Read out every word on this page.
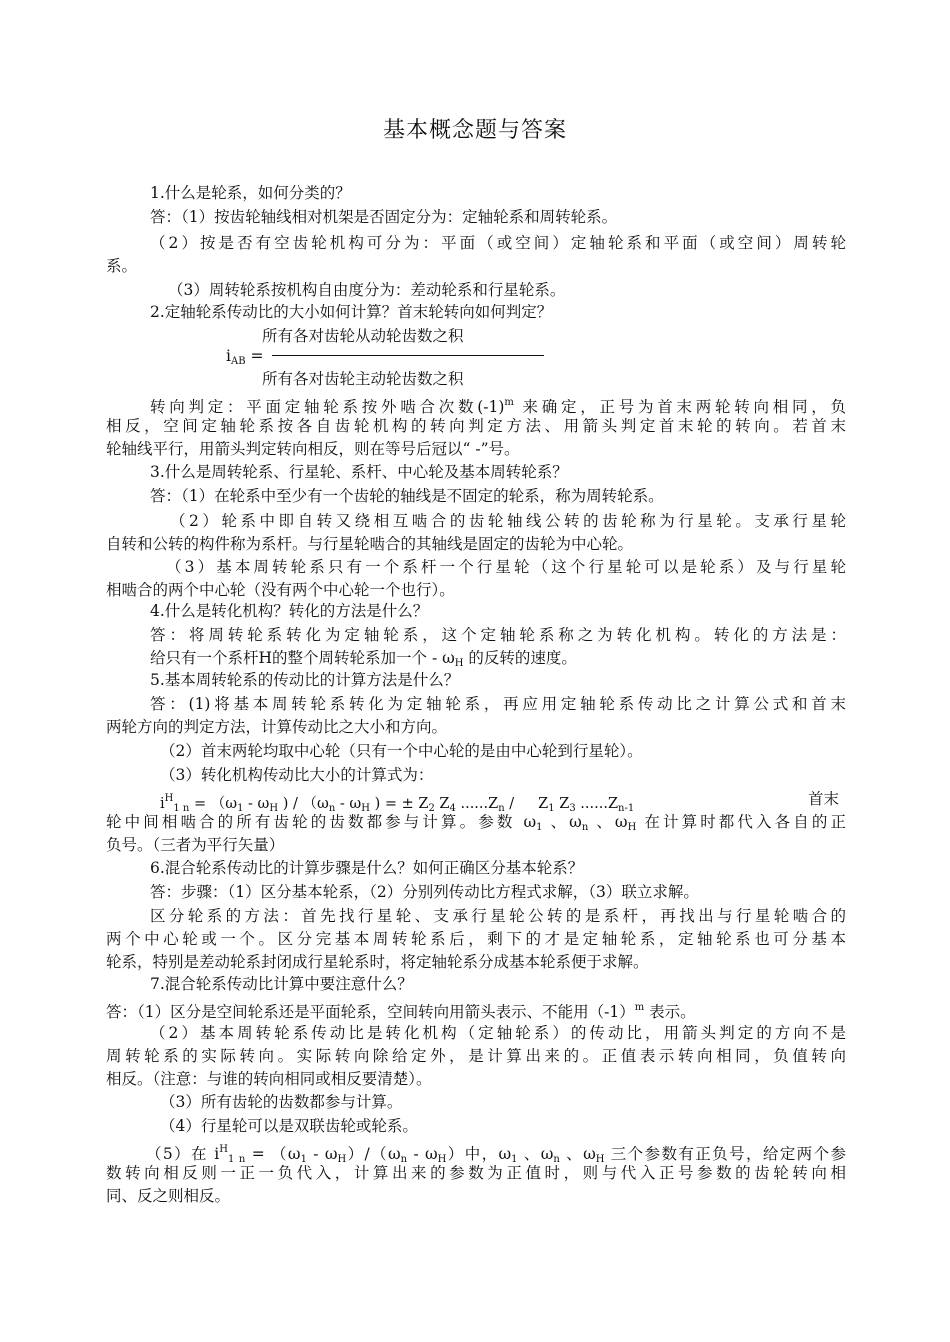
基本概念题与答案
1.什么是轮系，如何分类的？
答：（1）按齿轮轴线相对机架是否固定分为：定轴轮系和周转轮系。
（2）按是否有空齿轮机构可分为：平面（或空间）定轴轮系和平面（或空间）周转轮
系。
（3）周转轮系按机构自由度分为：差动轮系和行星轮系。
2.定轴轮系传动比的大小如何计算？首末轮转向如何判定？
所有各对齿轮从动轮齿数之积
$i_{AB}$ =
所有各对齿轮主动轮齿数之积
转向判定：平面定轴轮系按外啮合次数$(-1)^m$ 来确定，正号为首末两轮转向相同，负
相反，空间定轴轮系按各自齿轮机构的转向判定方法、用箭头判定首末轮的转向。若首末
轮轴线平行，用箭头判定转向相反，则在等号后冠以“ -”号。
3.什么是周转轮系、行星轮、系杆、中心轮及基本周转轮系？
答：（1）在轮系中至少有一个齿轮的轴线是不固定的轮系，称为周转轮系。
（2）轮系中即自转又绕相互啮合的齿轮轴线公转的齿轮称为行星轮。支承行星轮
自转和公转的构件称为系杆。与行星轮啮合的其轴线是固定的齿轮为中心轮。
（3）基本周转轮系只有一个系杆一个行星轮（这个行星轮可以是轮系）及与行星轮
相啮合的两个中心轮（没有两个中心轮一个也行）。
4.什么是转化机构？转化的方法是什么？
答：将周转轮系转化为定轴轮系，这个定轴轮系称之为转化机构。转化的方法是：
给只有一个系杆H的整个周转轮系加一个 - $\omega_H$ 的反转的速度。
5.基本周转轮系的传动比的计算方法是什么？
答：(1)将基本周转轮系转化为定轴轮系，再应用定轴轮系传动比之计算公式和首末
两轮方向的判定方法，计算传动比之大小和方向。
（2）首末两轮均取中心轮（只有一个中心轮的是由中心轮到行星轮）。
（3）转化机构传动比大小的计算式为：
$i^H_{1 n} = (\omega_1 - \omega_H$ ) / （$\omega_n - \omega_H$ ) = ± $Z_2$ $Z_4$ $......Z_n / Z_1$ $Z_3$ $......Z_{n-1}$
首末
轮中间相啮合的所有齿轮的齿数都参与计算。参数 $\omega_1$ 、$\omega_n$ 、$\omega_H$ 在计算时都代入各自的正
负号。（三者为平行矢量）
6.混合轮系传动比的计算步骤是什么？如何正确区分基本轮系？
答：步骤：（1）区分基本轮系，（2）分别列传动比方程式求解，（3）联立求解。
区分轮系的方法：首先找行星轮、支承行星轮公转的是系杆，再找出与行星轮啮合的
两个中心轮或一个。区分完基本周转轮系后，剩下的才是定轴轮系，定轴轮系也可分基本
轮系，特别是差动轮系封闭成行星轮系时，将定轴轮系分成基本轮系便于求解。
7.混合轮系传动比计算中要注意什么？
答：（1）区分是空间轮系还是平面轮系，空间转向用箭头表示、不能用$(-1)^m$ 表示。
（2）基本周转轮系传动比是转化机构（定轴轮系）的传动比，用箭头判定的方向不是
周转轮系的实际转向。实际转向除给定外，是计算出来的。正值表示转向相同，负值转向
相反。（注意：与谁的转向相同或相反要清楚）。
（3）所有齿轮的齿数都参与计算。
（4）行星轮可以是双联齿轮或轮系。
（5）在 $i^H_{1 n} = (\omega_1 - \omega_H)/(\omega_n - \omega_H)$中，$\omega_1$ 、$\omega_n$ 、$\omega_H$ 三个参数有正负号，给定两个参
数转向相反则一正一负代入，计算出来的参数为正值时，则与代入正号参数的齿轮转向相
同、反之则相反。
